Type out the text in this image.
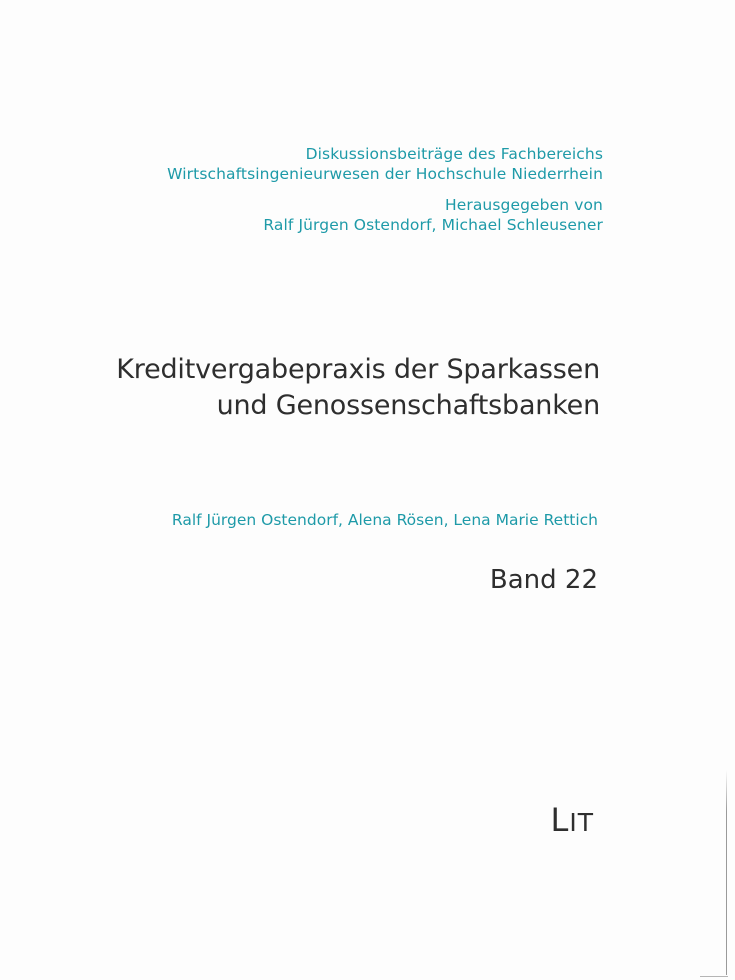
Diskussionsbeiträge des Fachbereichs
Wirtschaftsingenieurwesen der Hochschule Niederrhein
Herausgegeben von
Ralf Jürgen Ostendorf, Michael Schleusener
Kreditvergabepraxis der Sparkassen
und Genossenschaftsbanken
Ralf Jürgen Ostendorf, Alena Rösen, Lena Marie Rettich
Band 22
LIT
